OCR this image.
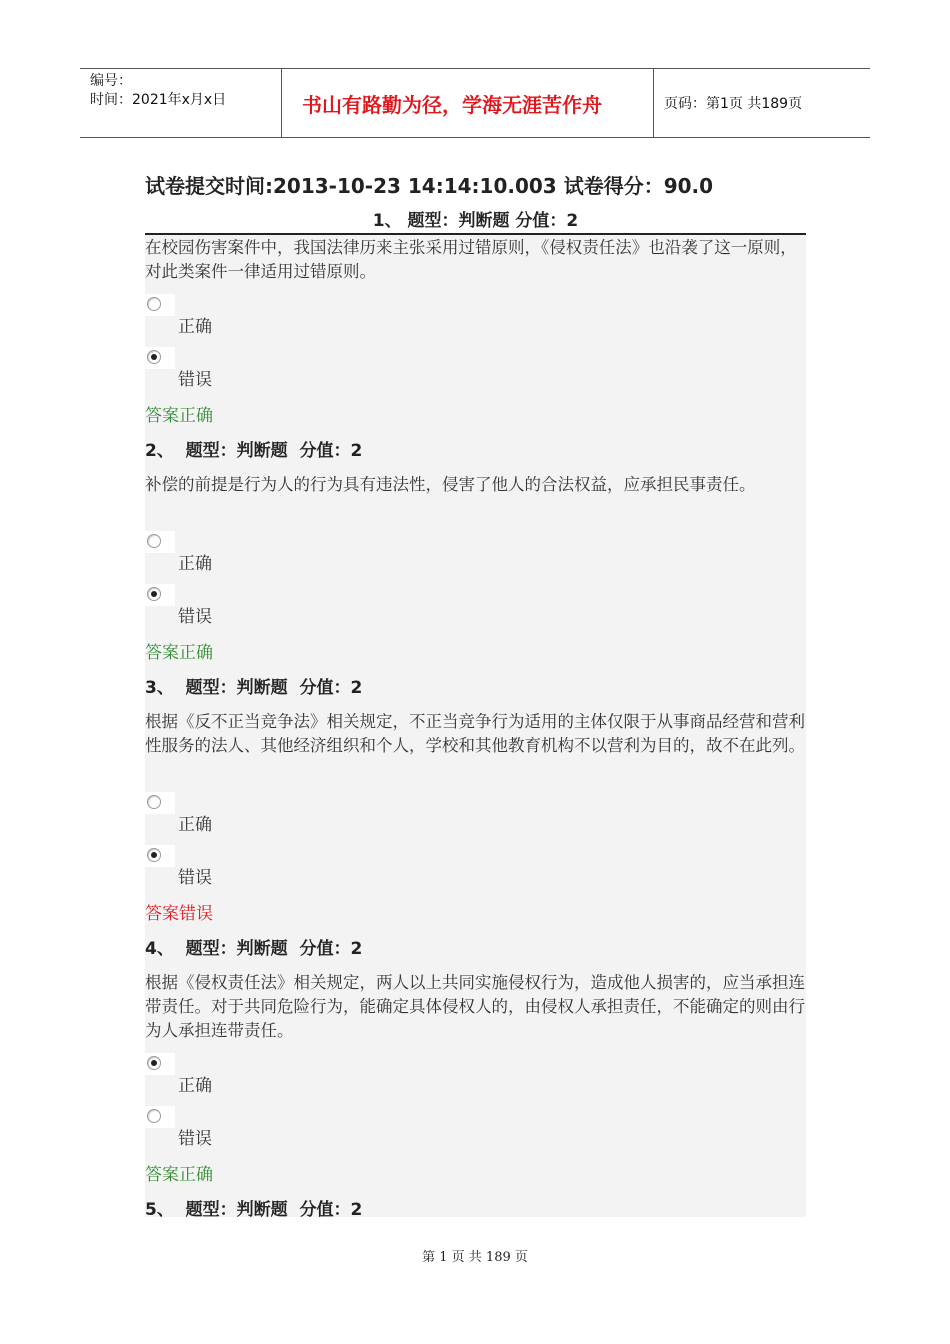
编号：
时间：2021年x月x日	书山有路勤为径，学海无涯苦作舟	页码：第1页 共189页
试卷提交时间:2013-10-23 14:14:10.003 试卷得分：90.0
1、 题型：判断题 分值：2
在校园伤害案件中，我国法律历来主张采用过错原则，《侵权责任法》也沿袭了这一原则，对此类案件一律适用过错原则。
正确
错误
答案正确
2、  题型：判断题  分值：2
补偿的前提是行为人的行为具有违法性，侵害了他人的合法权益，应承担民事责任。
正确
错误
答案正确
3、  题型：判断题  分值：2
根据《反不正当竞争法》相关规定，不正当竞争行为适用的主体仅限于从事商品经营和营利性服务的法人、其他经济组织和个人，学校和其他教育机构不以营利为目的，故不在此列。
正确
错误
答案错误
4、  题型：判断题  分值：2
根据《侵权责任法》相关规定，两人以上共同实施侵权行为，造成他人损害的，应当承担连带责任。对于共同危险行为，能确定具体侵权人的，由侵权人承担责任，不能确定的则由行为人承担连带责任。
正确
错误
答案正确
5、  题型：判断题  分值：2
第 1 页 共 189 页
